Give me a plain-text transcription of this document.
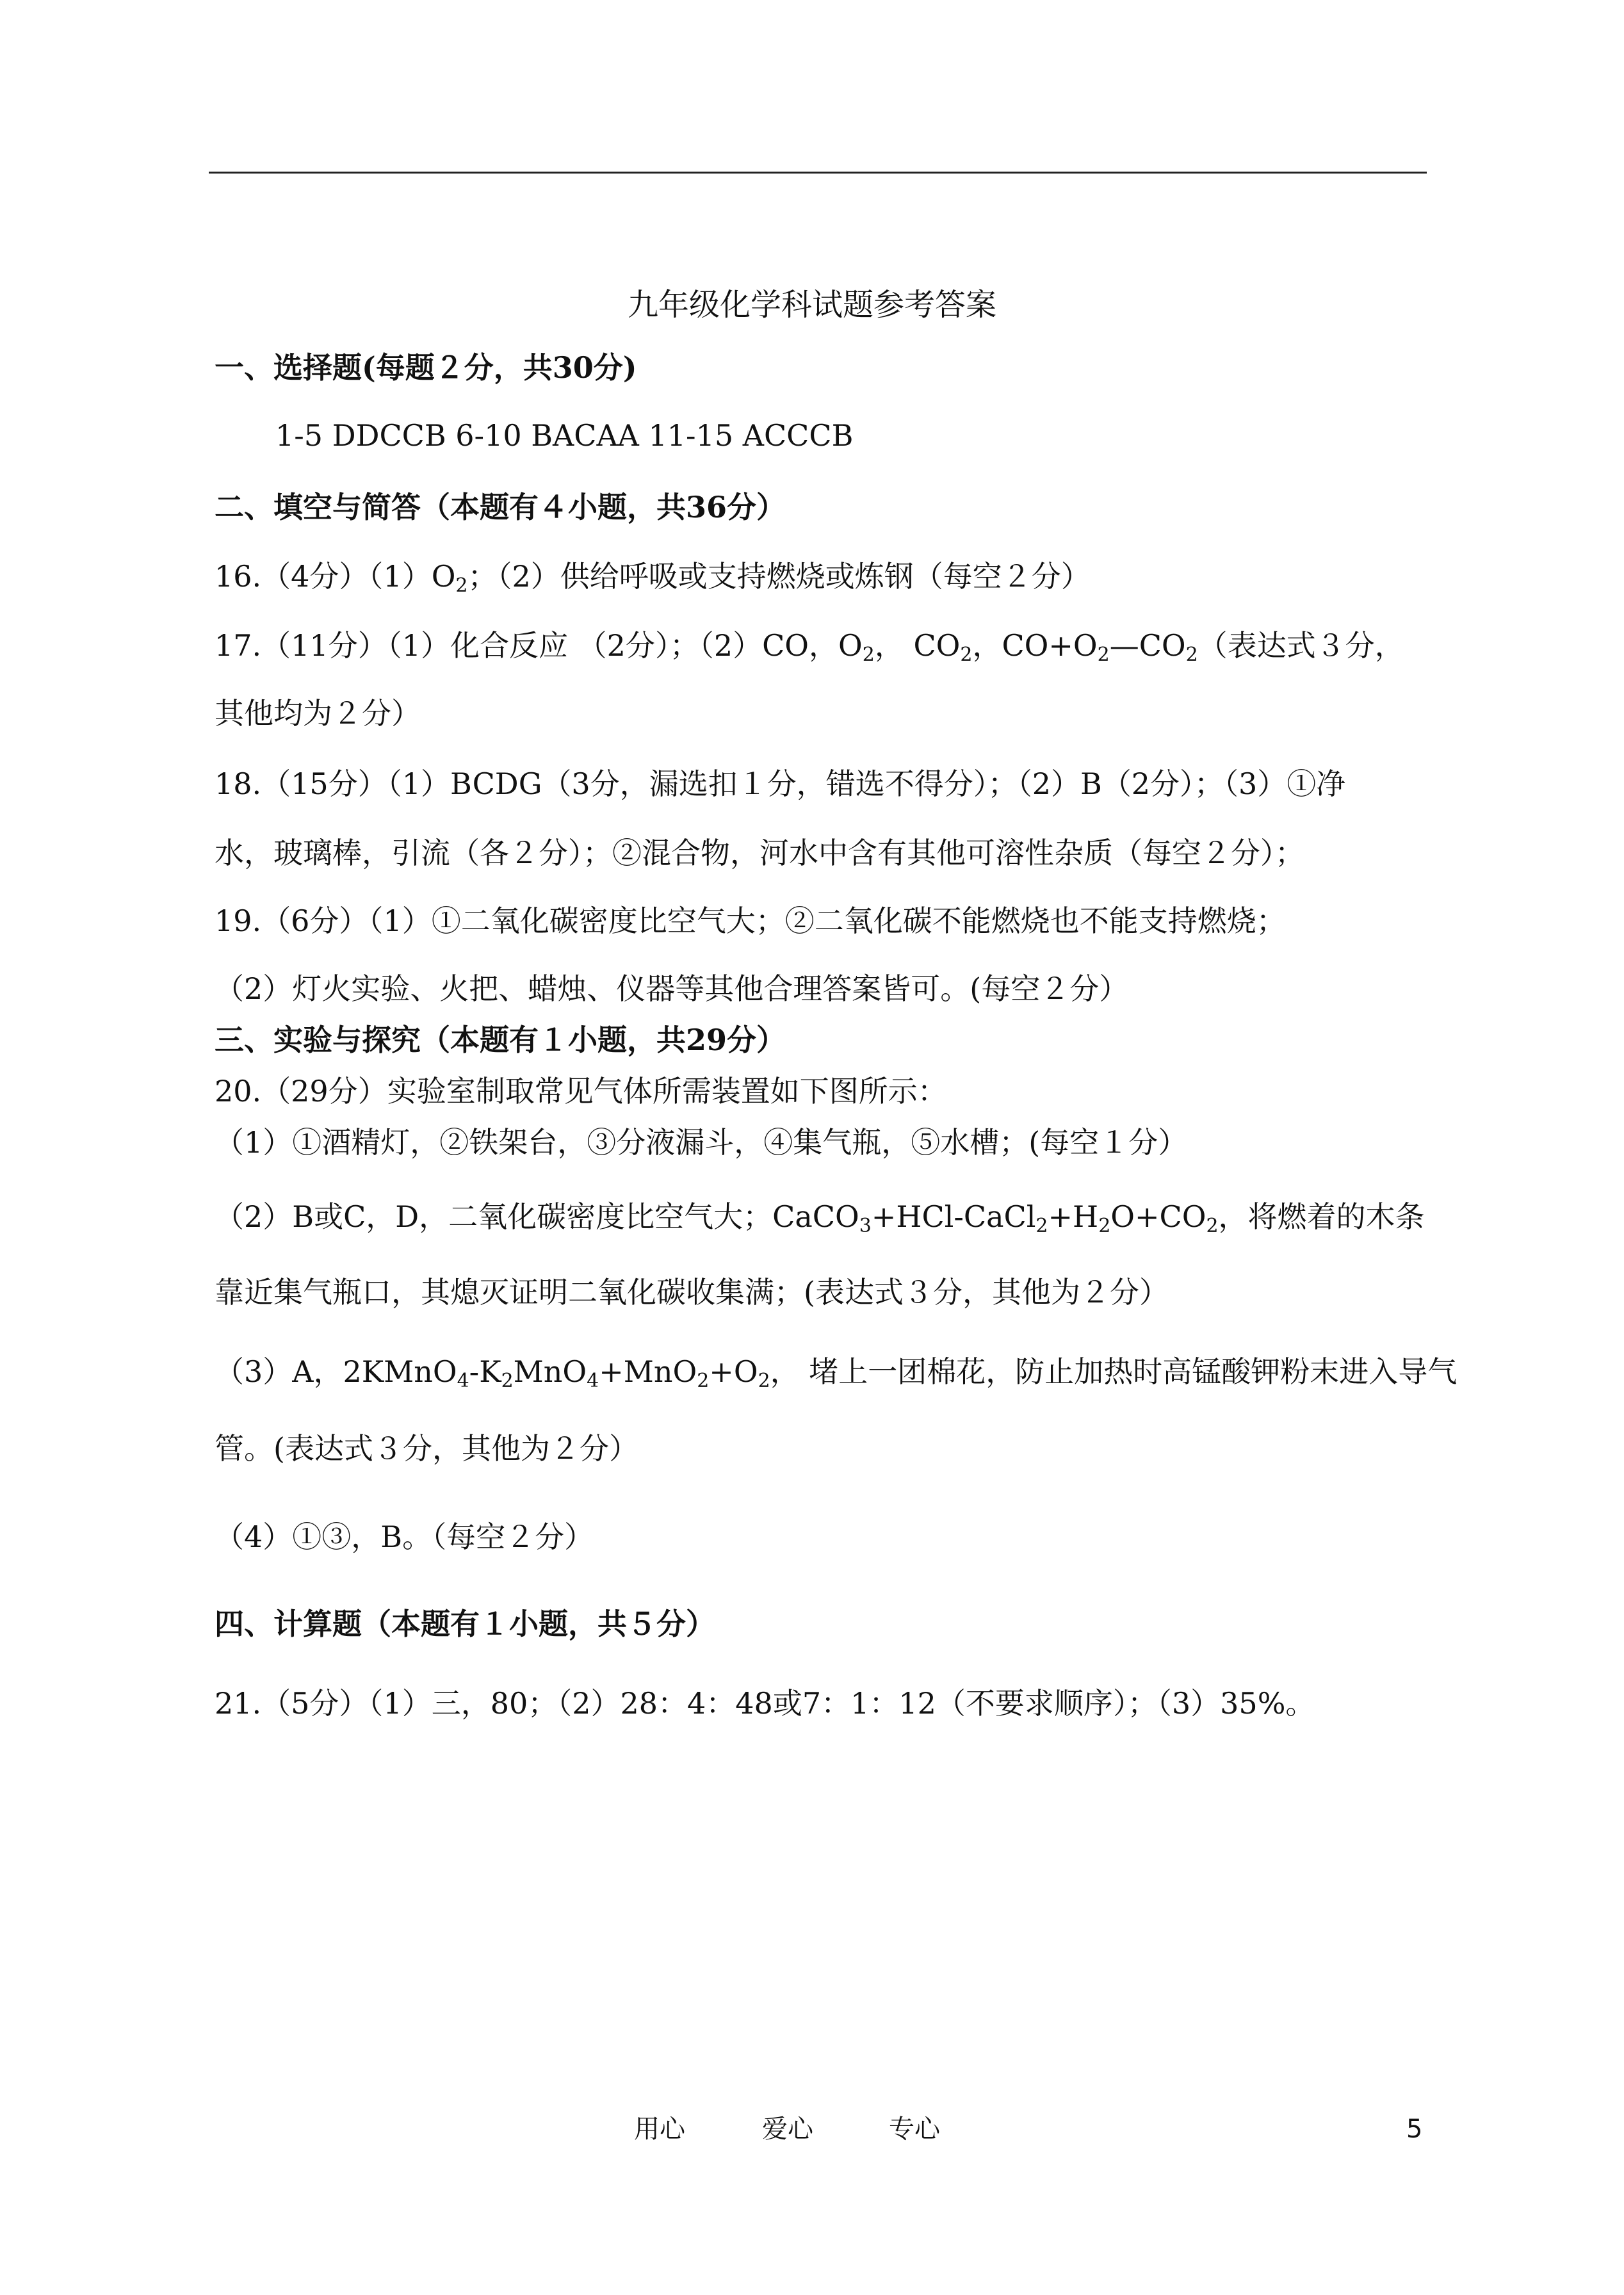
九年级化学科试题参考答案
一、选择题(每题２分，共30分)
1-5 DDCCB 6-10 BACAA 11-15 ACCCB
二、填空与简答（本题有４小题，共36分）
16.（4分）$(1)O_2$；（2）供给呼吸或支持燃烧或炼钢（每空２分）
17.（11分）（1）化合反应 （2分）；（2）CO，$O_2$， $CO_2$，$CO+O_2—CO_2$（表达式３分，
其他均为２分）
18.（15分）（1）BCDG（3分，漏选扣１分，错选不得分）；（2）B（2分）；（3）①净
水，玻璃棒，引流（各２分）；②混合物，河水中含有其他可溶性杂质（每空２分）；
19.（6分）（1）①二氧化碳密度比空气大；②二氧化碳不能燃烧也不能支持燃烧；
（2）灯火实验、火把、蜡烛、仪器等其他合理答案皆可。(每空２分）
三、实验与探究（本题有１小题，共29分）
20.（29分）实验室制取常见气体所需装置如下图所示：
（1）①酒精灯，②铁架台，③分液漏斗，④集气瓶，⑤水槽；(每空１分）
（2）B或C，D，二氧化碳密度比空气大；$CaCO_3+HCl-CaCl_2+H_2O+CO_2$，将燃着的木条
靠近集气瓶口，其熄灭证明二氧化碳收集满；(表达式３分，其他为２分）
（3）A，$2KMnO_4-K_2MnO_4+MnO_2+O_2$， 堵上一团棉花，防止加热时高锰酸钾粉末进入导气
管。(表达式３分，其他为２分）
（4）①③，B。（每空２分）
四、计算题（本题有１小题，共５分）
21.（5分）（1）三，80；（2）28：4：48或7：1：12（不要求顺序）；（3）35%。
用心	爱心	专心	5
